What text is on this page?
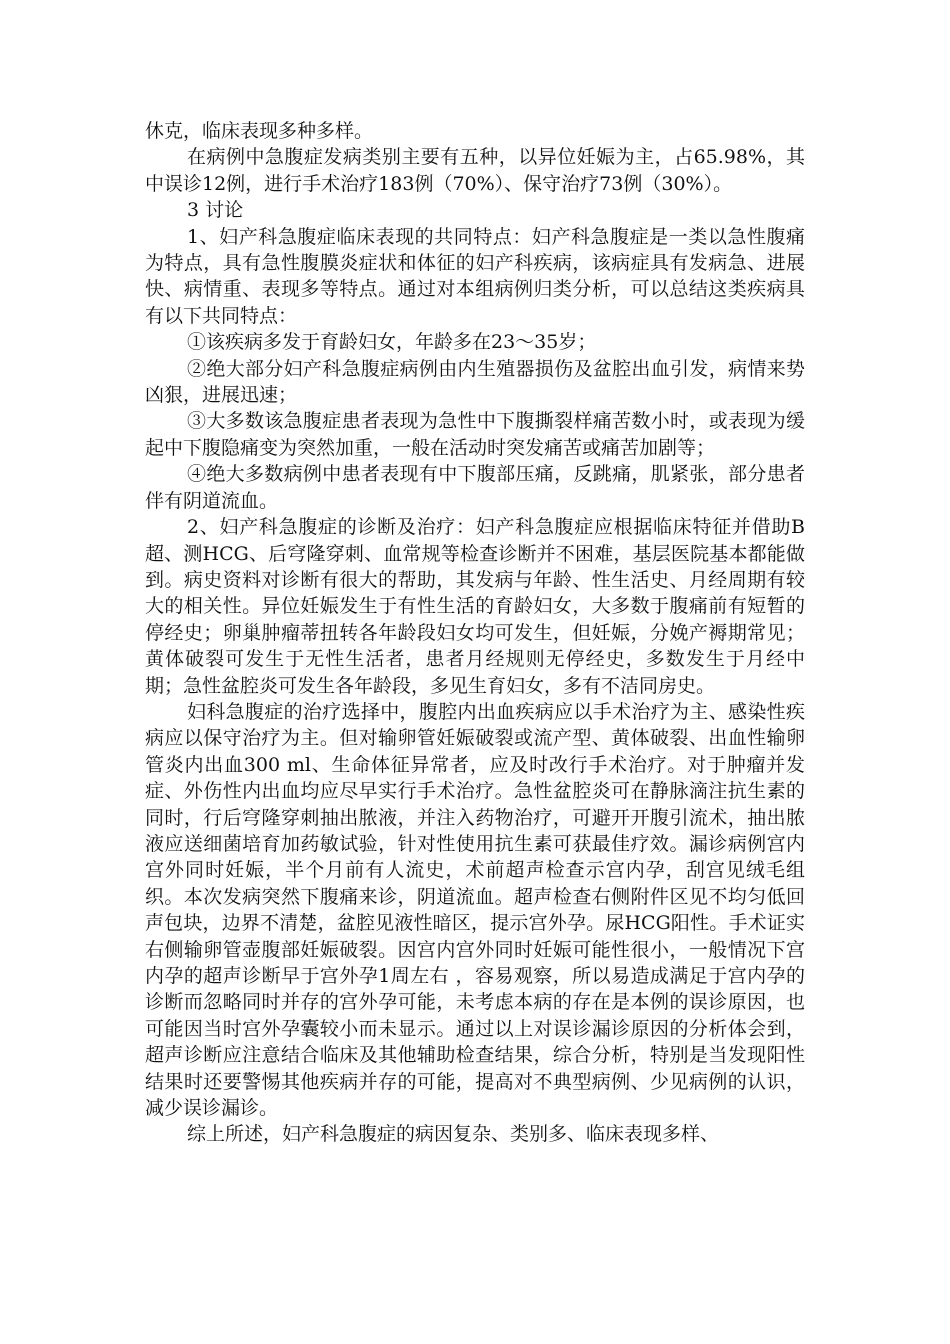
休克，临床表现多种多样。

在病例中急腹症发病类别主要有五种，以异位妊娠为主，占65.98%，其中误诊12例，进行手术治疗183例（70%）、保守治疗73例（30%）。

3 讨论

1、妇产科急腹症临床表现的共同特点：妇产科急腹症是一类以急性腹痛为特点，具有急性腹膜炎症状和体征的妇产科疾病，该病症具有发病急、进展快、病情重、表现多等特点。通过对本组病例归类分析，可以总结这类疾病具有以下共同特点：

①该疾病多发于育龄妇女，年龄多在23～35岁；

②绝大部分妇产科急腹症病例由内生殖器损伤及盆腔出血引发，病情来势凶狠，进展迅速；

③大多数该急腹症患者表现为急性中下腹撕裂样痛苦数小时，或表现为缓起中下腹隐痛变为突然加重，一般在活动时突发痛苦或痛苦加剧等；

④绝大多数病例中患者表现有中下腹部压痛，反跳痛，肌紧张，部分患者伴有阴道流血。

2、妇产科急腹症的诊断及治疗：妇产科急腹症应根据临床特征并借助B超、测HCG、后穹隆穿刺、血常规等检查诊断并不困难，基层医院基本都能做到。病史资料对诊断有很大的帮助，其发病与年龄、性生活史、月经周期有较大的相关性。异位妊娠发生于有性生活的育龄妇女，大多数于腹痛前有短暂的停经史；卵巢肿瘤蒂扭转各年龄段妇女均可发生，但妊娠，分娩产褥期常见；黄体破裂可发生于无性生活者，患者月经规则无停经史，多数发生于月经中期；急性盆腔炎可发生各年龄段，多见生育妇女，多有不洁同房史。

妇科急腹症的治疗选择中，腹腔内出血疾病应以手术治疗为主、感染性疾病应以保守治疗为主。但对输卵管妊娠破裂或流产型、黄体破裂、出血性输卵管炎内出血300 ml、生命体征异常者，应及时改行手术治疗。对于肿瘤并发症、外伤性内出血均应尽早实行手术治疗。急性盆腔炎可在静脉滴注抗生素的同时，行后穹隆穿刺抽出脓液，并注入药物治疗，可避开开腹引流术，抽出脓液应送细菌培育加药敏试验，针对性使用抗生素可获最佳疗效。漏诊病例宫内宫外同时妊娠，半个月前有人流史，术前超声检查示宫内孕，刮宫见绒毛组织。本次发病突然下腹痛来诊，阴道流血。超声检查右侧附件区见不均匀低回声包块，边界不清楚，盆腔见液性暗区，提示宫外孕。尿HCG阳性。手术证实右侧输卵管壶腹部妊娠破裂。因宫内宫外同时妊娠可能性很小，一般情况下宫内孕的超声诊断早于宫外孕1周左右 ，容易观察，所以易造成满足于宫内孕的诊断而忽略同时并存的宫外孕可能，未考虑本病的存在是本例的误诊原因，也可能因当时宫外孕囊较小而未显示。通过以上对误诊漏诊原因的分析体会到，超声诊断应注意结合临床及其他辅助检查结果，综合分析，特别是当发现阳性结果时还要警惕其他疾病并存的可能，提高对不典型病例、少见病例的认识，减少误诊漏诊。

综上所述，妇产科急腹症的病因复杂、类别多、临床表现多样、
